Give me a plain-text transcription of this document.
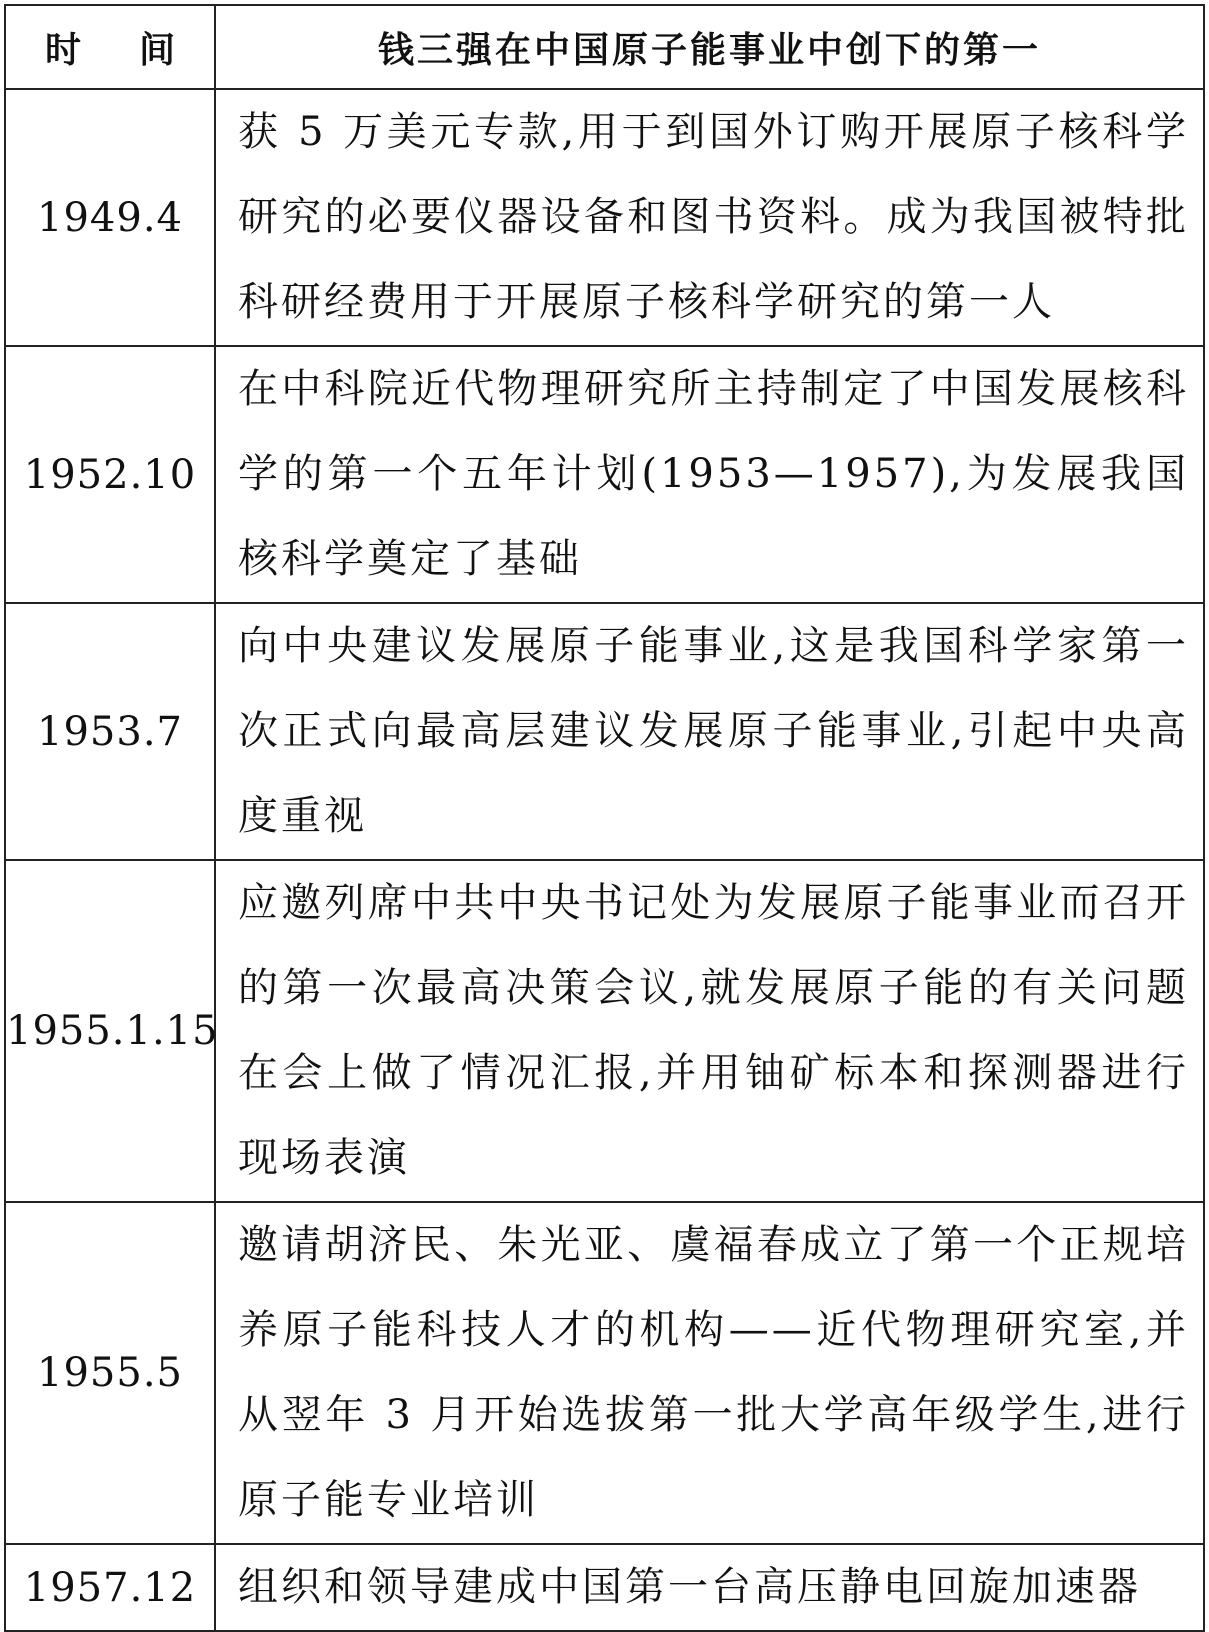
时 间	钱三强在中国原子能事业中创下的第一
1949.4	获 5 万美元专款,用于到国外订购开展原子核科学研究的必要仪器设备和图书资料。成为我国被特批科研经费用于开展原子核科学研究的第一人
1952.10	在中科院近代物理研究所主持制定了中国发展核科学的第一个五年计划(1953—1957),为发展我国核科学奠定了基础
1953.7	向中央建议发展原子能事业,这是我国科学家第一次正式向最高层建议发展原子能事业,引起中央高度重视
1955.1.15	应邀列席中共中央书记处为发展原子能事业而召开的第一次最高决策会议,就发展原子能的有关问题在会上做了情况汇报,并用铀矿标本和探测器进行现场表演
1955.5	邀请胡济民、朱光亚、虞福春成立了第一个正规培养原子能科技人才的机构——近代物理研究室,并从翌年 3 月开始选拔第一批大学高年级学生,进行原子能专业培训
1957.12	组织和领导建成中国第一台高压静电回旋加速器
